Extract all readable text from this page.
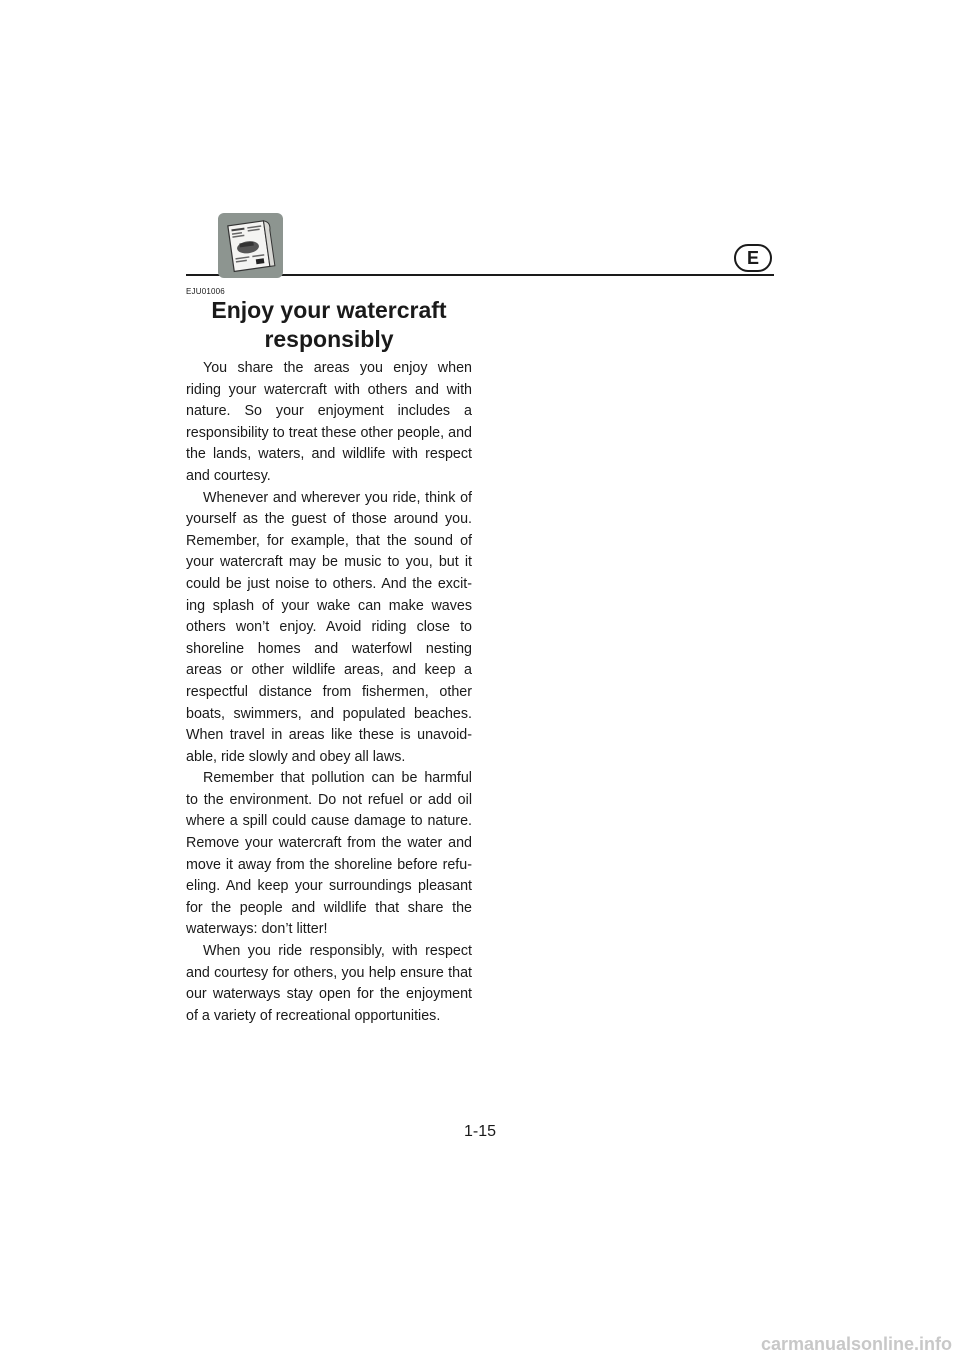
E
EJU01006
Enjoy your watercraft
responsibly

You share the areas you enjoy when riding your watercraft with others and with nature. So your enjoyment includes a responsibility to treat these other people, and the lands, waters, and wildlife with respect and courtesy.

Whenever and wherever you ride, think of yourself as the guest of those around you. Remember, for example, that the sound of your watercraft may be music to you, but it could be just noise to others. And the exciting splash of your wake can make waves others won’t enjoy. Avoid riding close to shoreline homes and waterfowl nesting areas or other wildlife areas, and keep a respectful distance from fishermen, other boats, swimmers, and populated beaches. When travel in areas like these is unavoidable, ride slowly and obey all laws.

Remember that pollution can be harmful to the environment. Do not refuel or add oil where a spill could cause damage to nature. Remove your watercraft from the water and move it away from the shoreline before refueling. And keep your surroundings pleasant for the people and wildlife that share the waterways: don’t litter!

When you ride responsibly, with respect and courtesy for others, you help ensure that our waterways stay open for the enjoyment of a variety of recreational opportunities.

1-15
carmanualsonline.info
